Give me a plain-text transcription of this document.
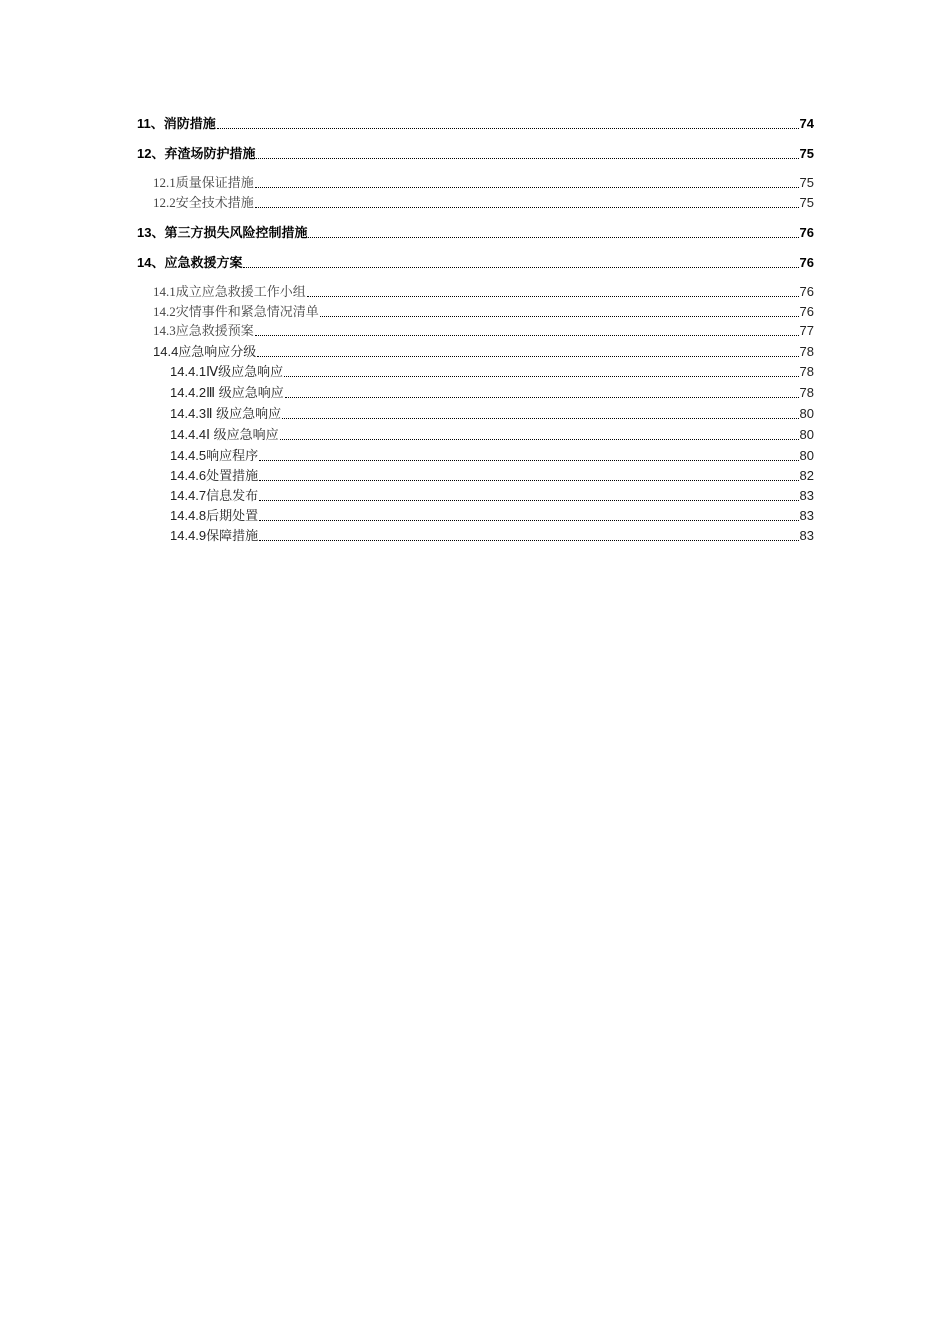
11、消防措施	74
12、弃渣场防护措施	75
12.1质量保证措施	75
12.2安全技术措施	75
13、第三方损失风险控制措施	76
14、应急救援方案	76
14.1成立应急救援工作小组	76
14.2灾情事件和紧急情况清单	76
14.3应急救援预案	77
14.4应急响应分级	78
14.4.1Ⅳ级应急响应	78
14.4.2Ⅲ 级应急响应	78
14.4.3Ⅱ 级应急响应	80
14.4.4Ⅰ 级应急响应	80
14.4.5响应程序	80
14.4.6处置措施	82
14.4.7信息发布	83
14.4.8后期处置	83
14.4.9保障措施	83
